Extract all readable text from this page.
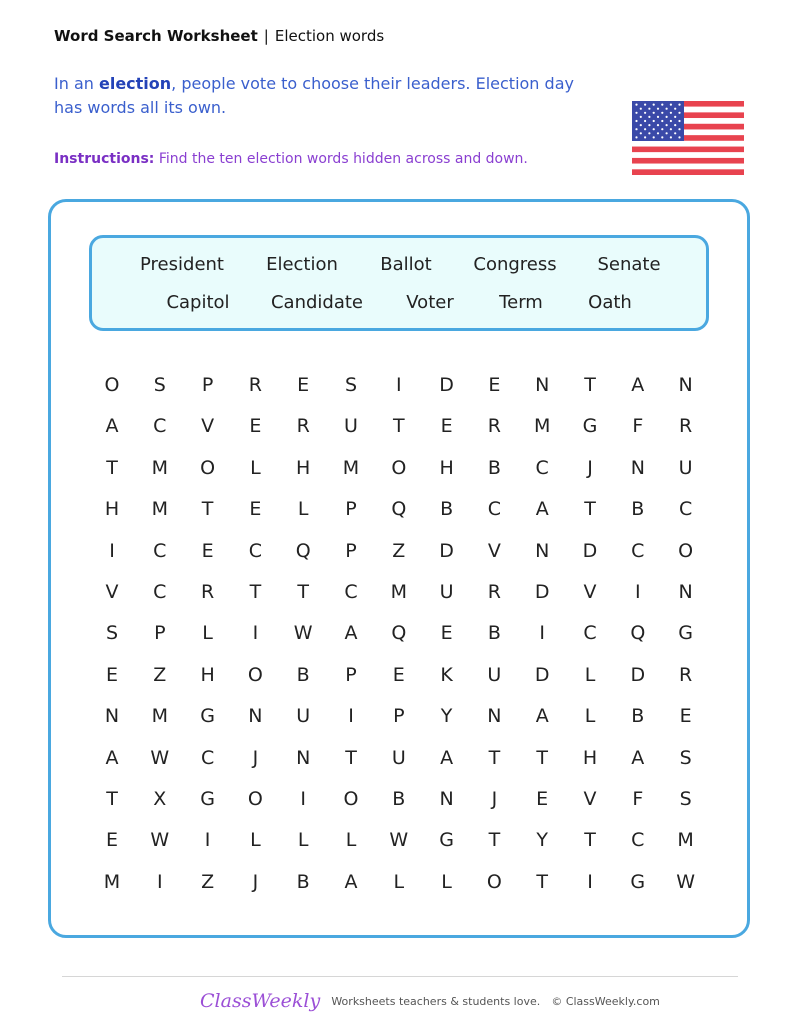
Word Search Worksheet | Election words
In an election, people vote to choose their leaders. Election day has words all its own.
Instructions: Find the ten election words hidden across and down.
President Election Ballot Congress Senate
Capitol Candidate Voter	Term	Oath
O	S	P	R	E	S	I	D	E	N	T	A	N
A	C	V	E	R	U	T	E	R	M	G	F	R
T	M	O	L	H	M	O	H	B	C	J	N	U
H	M	T	E	L	P	Q	B	C	A	T	B	C
I	C	E	C	Q	P	Z	D	V	N	D	C	O
V	C	R	T	T	C	M	U	R	D	V	I	N
S	P	L	I	W	A	Q	E	B	I	C	Q	G
E	Z	H	O	B	P	E	K	U	D	L	D	R
N	M	G	N	U	I	P	Y	N	A	L	B	E
A	W	C	J	N	T	U	A	T	T	H	A	S
T	X	G	O	I	O	B	N	J	E	V	F	S
E	W	I	L	L	L	W	G	T	Y	T	C	M
M	I	Z	J	B	A	L	L	O	T	I	G	W
ClassWeekly Worksheets teachers & students love. © ClassWeekly.com
